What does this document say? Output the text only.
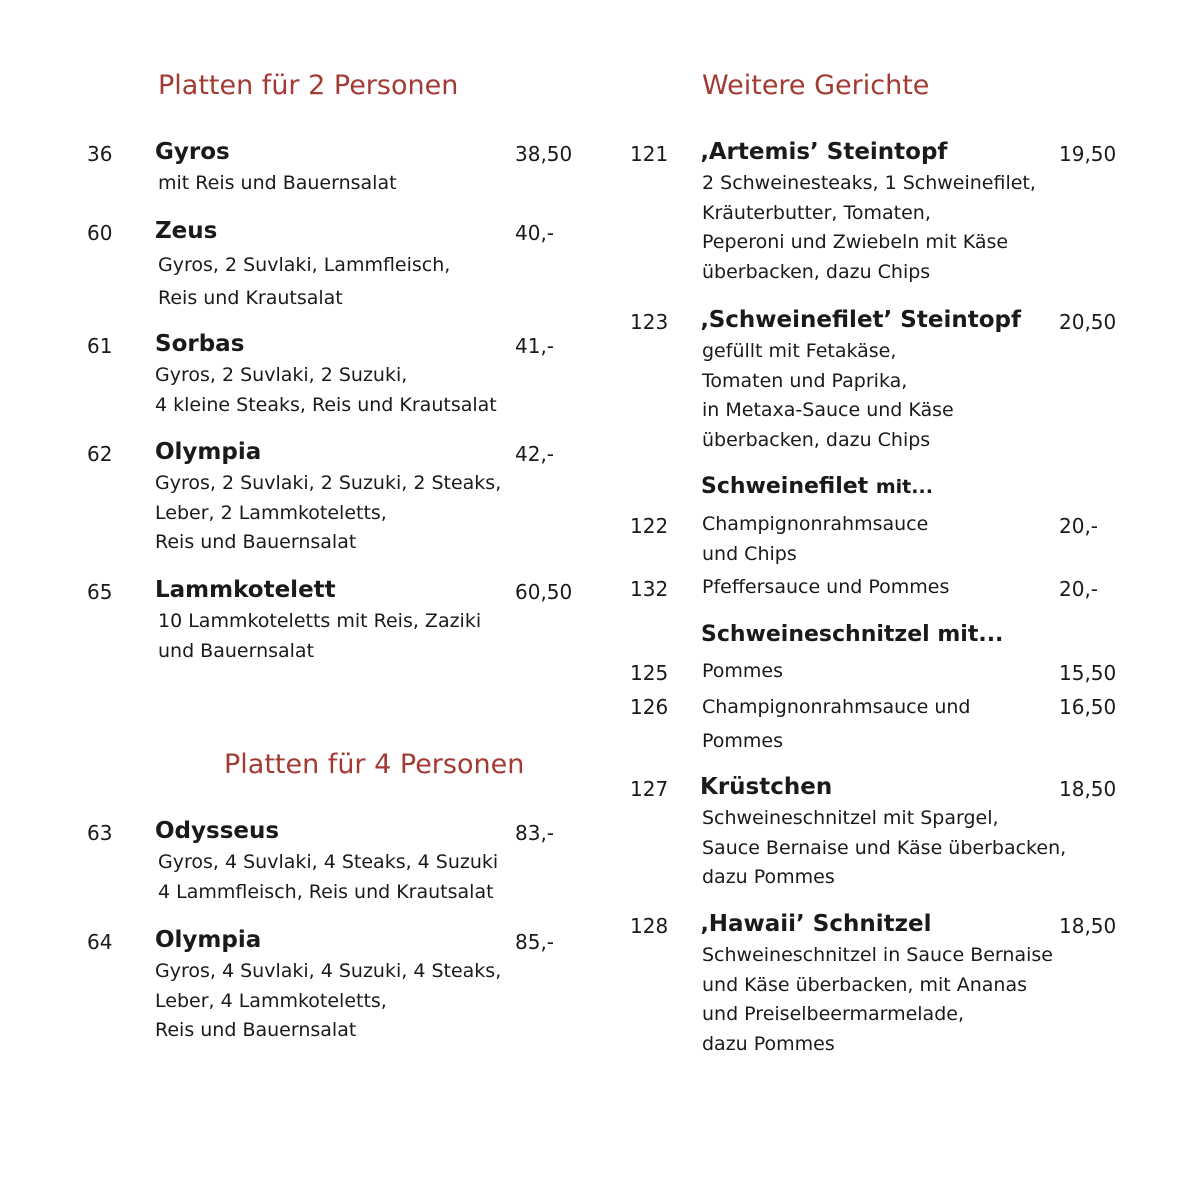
Platten für 2 Personen
36 Gyros	38,50
mit Reis und Bauernsalat
60 Zeus	40,-
Gyros, 2 Suvlaki, Lammfleisch,
Reis und Krautsalat
61 Sorbas	41,-
Gyros, 2 Suvlaki, 2 Suzuki,
4 kleine Steaks, Reis und Krautsalat
62 Olympia	42,-
Gyros, 2 Suvlaki, 2 Suzuki, 2 Steaks,
Leber, 2 Lammkoteletts,
Reis und Bauernsalat
65 Lammkotelett	60,50
10 Lammkoteletts mit Reis, Zaziki
und Bauernsalat
Platten für 4 Personen
63 Odysseus	83,-
Gyros, 4 Suvlaki, 4 Steaks, 4 Suzuki
4 Lammfleisch, Reis und Krautsalat
64 Olympia	85,-
Gyros, 4 Suvlaki, 4 Suzuki, 4 Steaks,
Leber, 4 Lammkoteletts,
Reis und Bauernsalat
Weitere Gerichte
121 ‚Artemis’ Steintopf	19,50
2 Schweinesteaks, 1 Schweinefilet,
Kräuterbutter, Tomaten,
Peperoni und Zwiebeln mit Käse
überbacken, dazu Chips
123 ‚Schweinefilet’ Steintopf 20,50
gefüllt mit Fetakäse,
Tomaten und Paprika,
in Metaxa-Sauce und Käse
überbacken, dazu Chips
Schweinefilet mit...
122 Champignonrahmsauce
und Chips
20,-
132 Pfeffersauce und Pommes	20,-
Schweineschnitzel mit...
125 Pommes	15,50
126 Champignonrahmsauce und
Pommes
16,50
127 Krüstchen	18,50
Schweineschnitzel mit Spargel,
Sauce Bernaise und Käse überbacken,
dazu Pommes
128 ‚Hawaii’ Schnitzel	18,50
Schweineschnitzel in Sauce Bernaise
und Käse überbacken, mit Ananas
und Preiselbeermarmelade,
dazu Pommes
